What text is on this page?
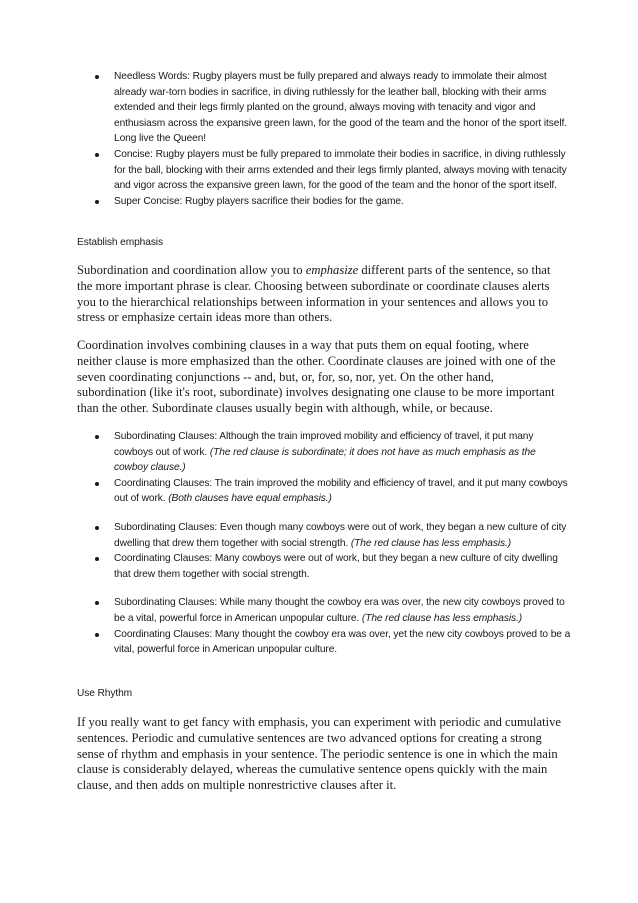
Needless Words: Rugby players must be fully prepared and always ready to immolate their almost already war-torn bodies in sacrifice, in diving ruthlessly for the leather ball, blocking with their arms extended and their legs firmly planted on the ground, always moving with tenacity and vigor and enthusiasm across the expansive green lawn, for the good of the team and the honor of the sport itself. Long live the Queen!
Concise: Rugby players must be fully prepared to immolate their bodies in sacrifice, in diving ruthlessly for the ball, blocking with their arms extended and their legs firmly planted, always moving with tenacity and vigor across the expansive green lawn, for the good of the team and the honor of the sport itself.
Super Concise: Rugby players sacrifice their bodies for the game.
Establish emphasis

Subordination and coordination allow you to emphasize different parts of the sentence, so that the more important phrase is clear. Choosing between subordinate or coordinate clauses alerts you to the hierarchical relationships between information in your sentences and allows you to stress or emphasize certain ideas more than others.

Coordination involves combining clauses in a way that puts them on equal footing, where neither clause is more emphasized than the other. Coordinate clauses are joined with one of the seven coordinating conjunctions -- and, but, or, for, so, nor, yet. On the other hand, subordination (like it's root, subordinate) involves designating one clause to be more important than the other. Subordinate clauses usually begin with although, while, or because.

Subordinating Clauses: Although the train improved mobility and efficiency of travel, it put many cowboys out of work. (The red clause is subordinate; it does not have as much emphasis as the cowboy clause.)
Coordinating Clauses: The train improved the mobility and efficiency of travel, and it put many cowboys out of work. (Both clauses have equal emphasis.)
Subordinating Clauses: Even though many cowboys were out of work, they began a new culture of city dwelling that drew them together with social strength. (The red clause has less emphasis.)
Coordinating Clauses: Many cowboys were out of work, but they began a new culture of city dwelling that drew them together with social strength.
Subordinating Clauses: While many thought the cowboy era was over, the new city cowboys proved to be a vital, powerful force in American unpopular culture. (The red clause has less emphasis.)
Coordinating Clauses: Many thought the cowboy era was over, yet the new city cowboys proved to be a vital, powerful force in American unpopular culture.
Use Rhythm

If you really want to get fancy with emphasis, you can experiment with periodic and cumulative sentences. Periodic and cumulative sentences are two advanced options for creating a strong sense of rhythm and emphasis in your sentence. The periodic sentence is one in which the main clause is considerably delayed, whereas the cumulative sentence opens quickly with the main clause, and then adds on multiple nonrestrictive clauses after it.
